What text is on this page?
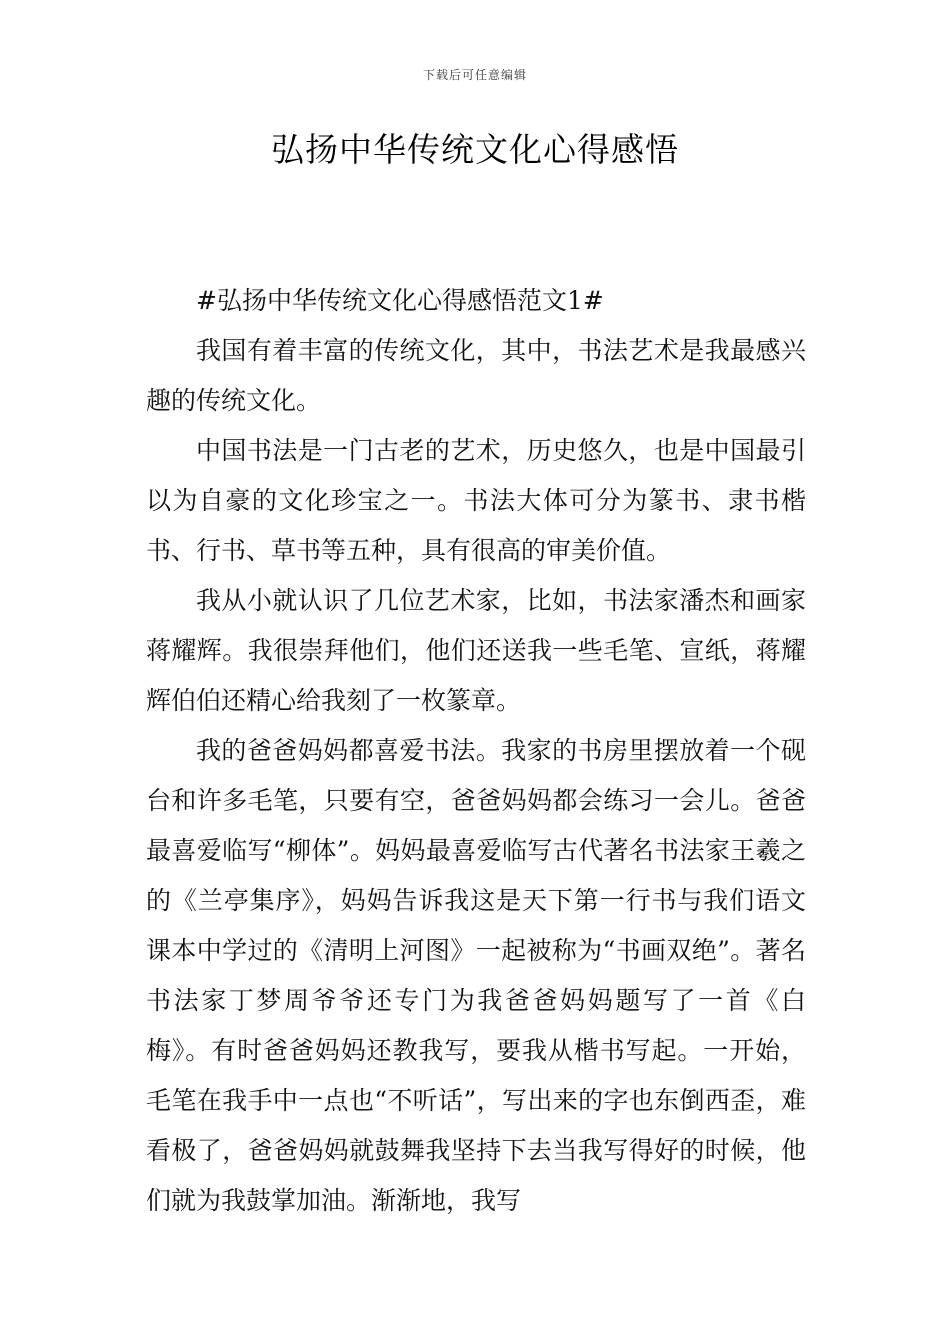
下载后可任意编辑
弘扬中华传统文化心得感悟

#弘扬中华传统文化心得感悟范文1#

我国有着丰富的传统文化，其中，书法艺术是我最感兴趣的传统文化。

中国书法是一门古老的艺术，历史悠久，也是中国最引以为自豪的文化珍宝之一。书法大体可分为篆书、隶书楷书、行书、草书等五种，具有很高的审美价值。

我从小就认识了几位艺术家，比如，书法家潘杰和画家蒋耀辉。我很崇拜他们，他们还送我一些毛笔、宣纸，蒋耀辉伯伯还精心给我刻了一枚篆章。

我的爸爸妈妈都喜爱书法。我家的书房里摆放着一个砚台和许多毛笔，只要有空，爸爸妈妈都会练习一会儿。爸爸最喜爱临写“柳体”。妈妈最喜爱临写古代著名书法家王羲之的《兰亭集序》，妈妈告诉我这是天下第一行书与我们语文课本中学过的《清明上河图》一起被称为“书画双绝”。著名书法家丁梦周爷爷还专门为我爸爸妈妈题写了一首《白梅》。有时爸爸妈妈还教我写，要我从楷书写起。一开始，毛笔在我手中一点也“不听话”，写出来的字也东倒西歪，难看极了，爸爸妈妈就鼓舞我坚持下去当我写得好的时候，他们就为我鼓掌加油。渐渐地，我写
